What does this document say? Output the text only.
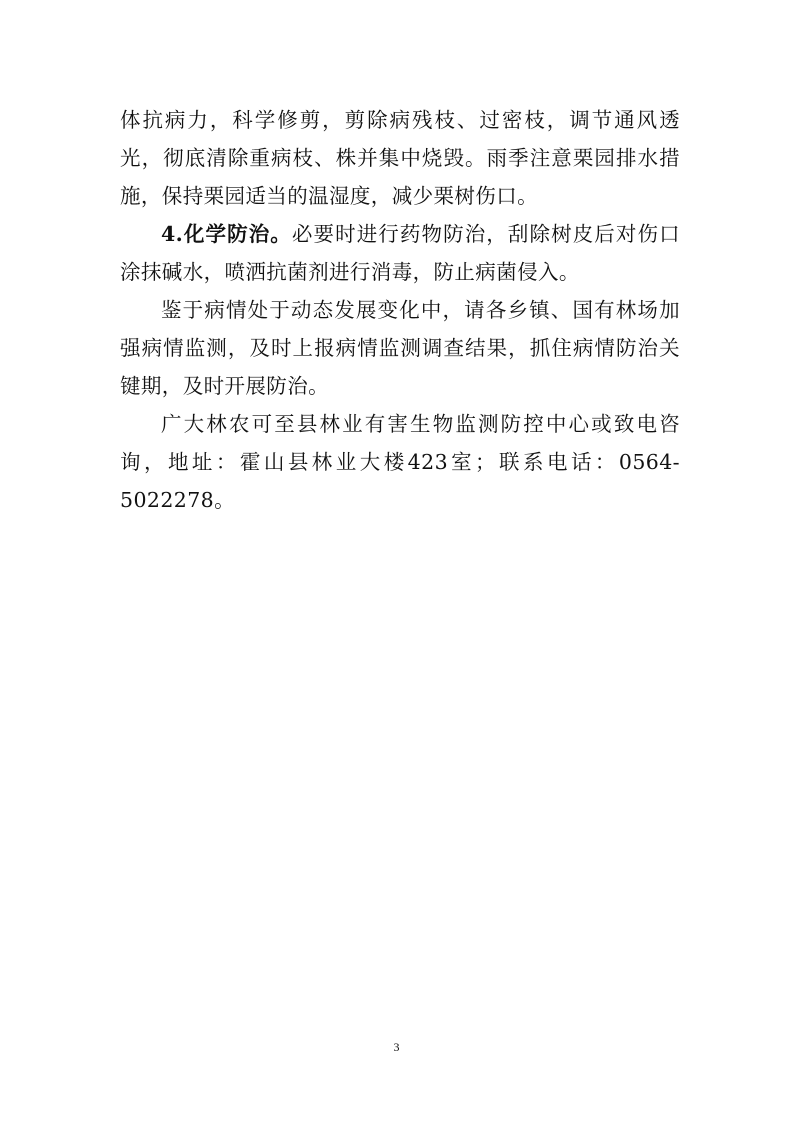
体抗病力，科学修剪，剪除病残枝、过密枝，调节通风透光，彻底清除重病枝、株并集中烧毁。雨季注意栗园排水措施，保持栗园适当的温湿度，减少栗树伤口。

4.化学防治。必要时进行药物防治，刮除树皮后对伤口涂抹碱水，喷洒抗菌剂进行消毒，防止病菌侵入。

鉴于病情处于动态发展变化中，请各乡镇、国有林场加强病情监测，及时上报病情监测调查结果，抓住病情防治关键期，及时开展防治。

广大林农可至县林业有害生物监测防控中心或致电咨询，地址：霍山县林业大楼423室；联系电话：0564-5022278。

3
